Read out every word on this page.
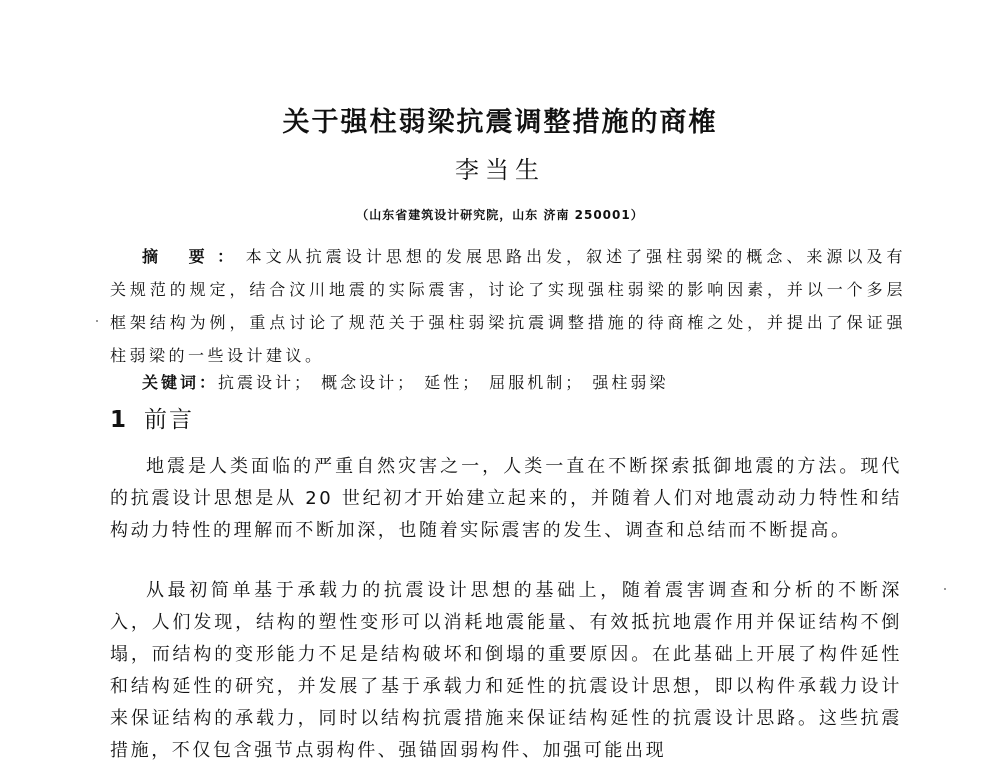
关于强柱弱梁抗震调整措施的商榷
李当生
（山东省建筑设计研究院，山东 济南 250001）

摘 要：本文从抗震设计思想的发展思路出发，叙述了强柱弱梁的概念、来源以及有关规范的规定，结合汶川地震的实际震害，讨论了实现强柱弱梁的影响因素，并以一个多层框架结构为例，重点讨论了规范关于强柱弱梁抗震调整措施的待商榷之处，并提出了保证强柱弱梁的一些设计建议。

关键词：抗震设计； 概念设计； 延性； 屈服机制； 强柱弱梁

1 前言

地震是人类面临的严重自然灾害之一，人类一直在不断探索抵御地震的方法。现代的抗震设计思想是从 20 世纪初才开始建立起来的，并随着人们对地震动动力特性和结构动力特性的理解而不断加深，也随着实际震害的发生、调查和总结而不断提高。

从最初简单基于承载力的抗震设计思想的基础上，随着震害调查和分析的不断深入，人们发现，结构的塑性变形可以消耗地震能量、有效抵抗地震作用并保证结构不倒塌，而结构的变形能力不足是结构破坏和倒塌的重要原因。在此基础上开展了构件延性和结构延性的研究，并发展了基于承载力和延性的抗震设计思想，即以构件承载力设计来保证结构的承载力，同时以结构抗震措施来保证结构延性的抗震设计思路。这些抗震措施，不仅包含强节点弱构件、强锚固弱构件、加强可能出现
